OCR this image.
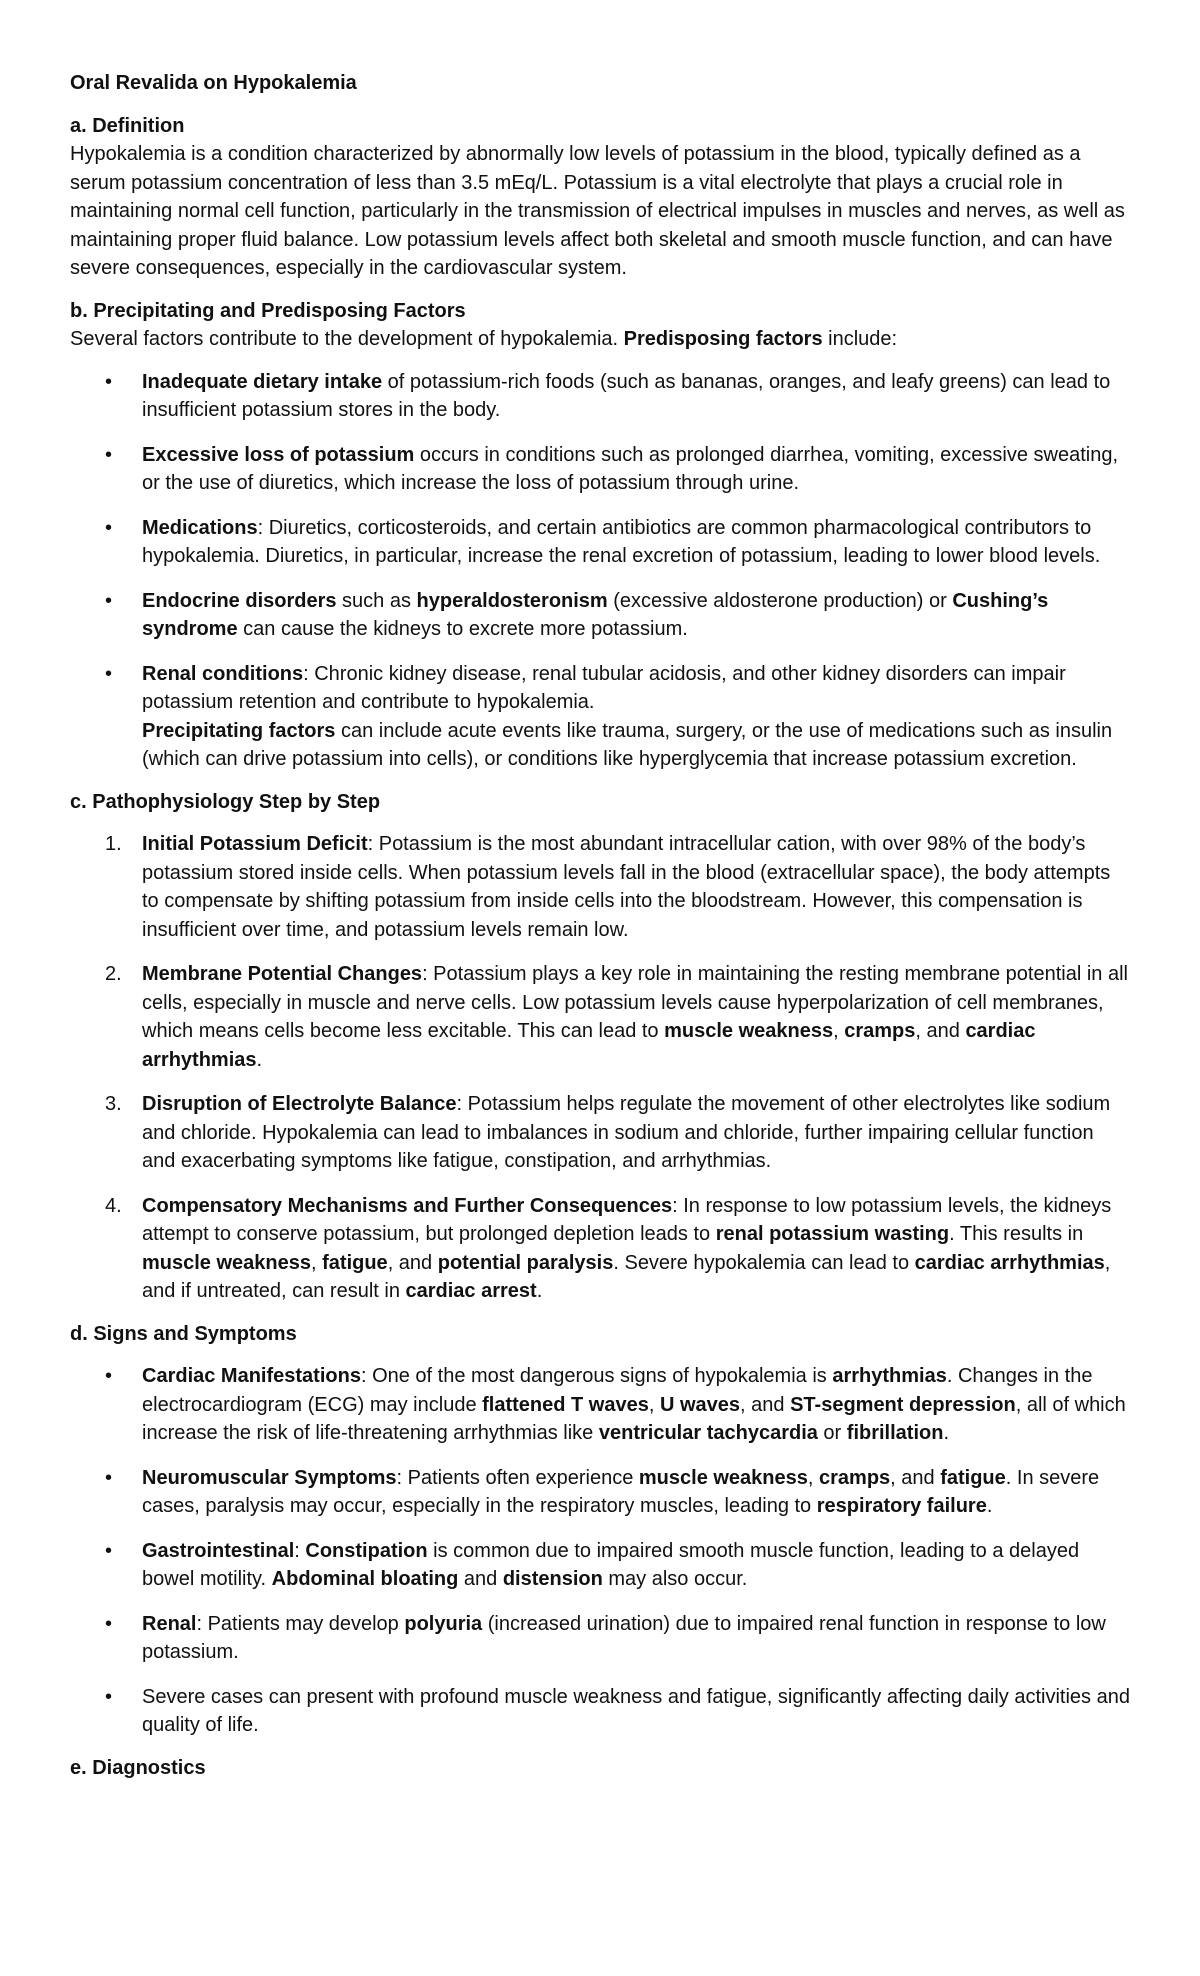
Oral Revalida on Hypokalemia

a. Definition

Hypokalemia is a condition characterized by abnormally low levels of potassium in the blood, typically defined as a serum potassium concentration of less than 3.5 mEq/L. Potassium is a vital electrolyte that plays a crucial role in maintaining normal cell function, particularly in the transmission of electrical impulses in muscles and nerves, as well as maintaining proper fluid balance. Low potassium levels affect both skeletal and smooth muscle function, and can have severe consequences, especially in the cardiovascular system.

b. Precipitating and Predisposing Factors

Several factors contribute to the development of hypokalemia. Predisposing factors include:

• Inadequate dietary intake of potassium-rich foods (such as bananas, oranges, and leafy greens) can lead to insufficient potassium stores in the body.
• Excessive loss of potassium occurs in conditions such as prolonged diarrhea, vomiting, excessive sweating, or the use of diuretics, which increase the loss of potassium through urine.
• Medications: Diuretics, corticosteroids, and certain antibiotics are common pharmacological contributors to hypokalemia. Diuretics, in particular, increase the renal excretion of potassium, leading to lower blood levels.
• Endocrine disorders such as hyperaldosteronism (excessive aldosterone production) or Cushing’s syndrome can cause the kidneys to excrete more potassium.
• Renal conditions: Chronic kidney disease, renal tubular acidosis, and other kidney disorders can impair potassium retention and contribute to hypokalemia.
Precipitating factors can include acute events like trauma, surgery, or the use of medications such as insulin (which can drive potassium into cells), or conditions like hyperglycemia that increase potassium excretion.

c. Pathophysiology Step by Step

1. Initial Potassium Deficit: Potassium is the most abundant intracellular cation, with over 98% of the body’s potassium stored inside cells. When potassium levels fall in the blood (extracellular space), the body attempts to compensate by shifting potassium from inside cells into the bloodstream. However, this compensation is insufficient over time, and potassium levels remain low.
2. Membrane Potential Changes: Potassium plays a key role in maintaining the resting membrane potential in all cells, especially in muscle and nerve cells. Low potassium levels cause hyperpolarization of cell membranes, which means cells become less excitable. This can lead to muscle weakness, cramps, and cardiac arrhythmias.
3. Disruption of Electrolyte Balance: Potassium helps regulate the movement of other electrolytes like sodium and chloride. Hypokalemia can lead to imbalances in sodium and chloride, further impairing cellular function and exacerbating symptoms like fatigue, constipation, and arrhythmias.
4. Compensatory Mechanisms and Further Consequences: In response to low potassium levels, the kidneys attempt to conserve potassium, but prolonged depletion leads to renal potassium wasting. This results in muscle weakness, fatigue, and potential paralysis. Severe hypokalemia can lead to cardiac arrhythmias, and if untreated, can result in cardiac arrest.

d. Signs and Symptoms

• Cardiac Manifestations: One of the most dangerous signs of hypokalemia is arrhythmias. Changes in the electrocardiogram (ECG) may include flattened T waves, U waves, and ST-segment depression, all of which increase the risk of life-threatening arrhythmias like ventricular tachycardia or fibrillation.
• Neuromuscular Symptoms: Patients often experience muscle weakness, cramps, and fatigue. In severe cases, paralysis may occur, especially in the respiratory muscles, leading to respiratory failure.
• Gastrointestinal: Constipation is common due to impaired smooth muscle function, leading to a delayed bowel motility. Abdominal bloating and distension may also occur.
• Renal: Patients may develop polyuria (increased urination) due to impaired renal function in response to low potassium.
• Severe cases can present with profound muscle weakness and fatigue, significantly affecting daily activities and quality of life.

e. Diagnostics
